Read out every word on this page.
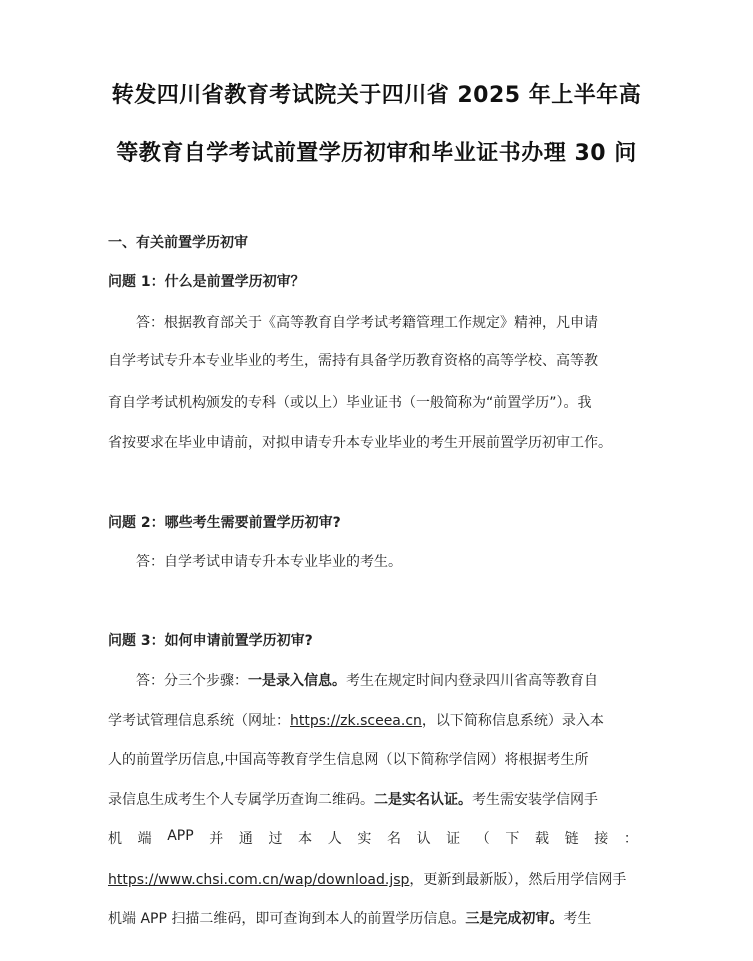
转发四川省教育考试院关于四川省 2025 年上半年高
等教育自学考试前置学历初审和毕业证书办理 30 问
一、有关前置学历初审
问题 1：什么是前置学历初审？
答：根据教育部关于《高等教育自学考试考籍管理工作规定》精神，凡申请
自学考试专升本专业毕业的考生，需持有具备学历教育资格的高等学校、高等教
育自学考试机构颁发的专科（或以上）毕业证书（一般简称为“前置学历”）。我
省按要求在毕业申请前，对拟申请专升本专业毕业的考生开展前置学历初审工作。
问题 2：哪些考生需要前置学历初审?
答：自学考试申请专升本专业毕业的考生。
问题 3：如何申请前置学历初审?
答：分三个步骤：一是录入信息。考生在规定时间内登录四川省高等教育自
学考试管理信息系统（网址：https://zk.sceea.cn，以下简称信息系统）录入本
人的前置学历信息,中国高等教育学生信息网（以下简称学信网）将根据考生所
录信息生成考生个人专属学历查询二维码。二是实名认证。考生需安装学信网手
机 端 APP 并 通 过 本 人 实 名 认 证 （ 下 载 链 接 ：
https://www.chsi.com.cn/wap/download.jsp，更新到最新版），然后用学信网手
机端 APP 扫描二维码，即可查询到本人的前置学历信息。三是完成初审。考生
